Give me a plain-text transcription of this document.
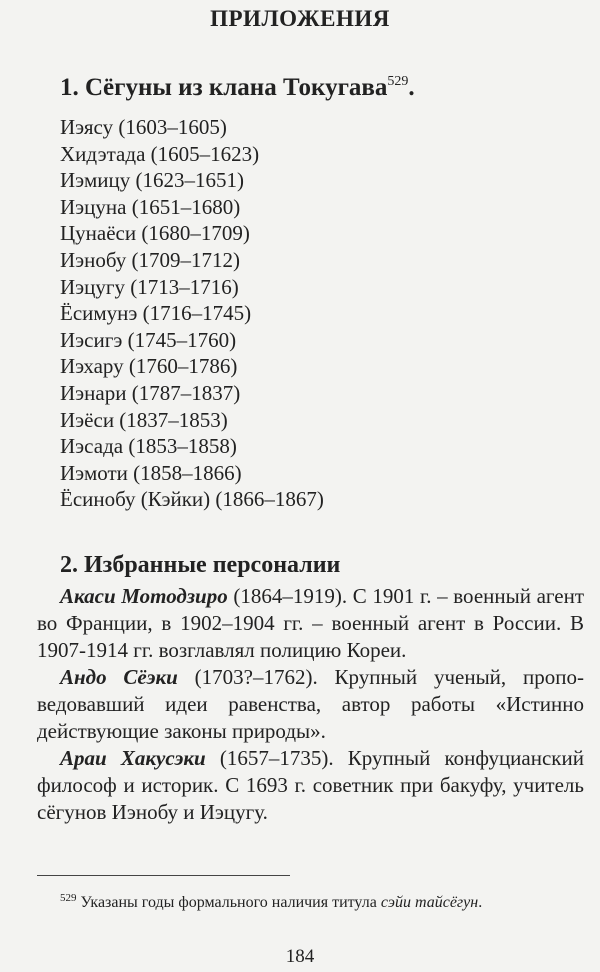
ПРИЛОЖЕНИЯ
1. Сёгуны из клана Токугава$^{529}$.
Иэясу (1603–1605)
Хидэтада (1605–1623)
Иэмицу (1623–1651)
Иэцуна (1651–1680)
Цунаёси (1680–1709)
Иэнобу (1709–1712)
Иэцугу (1713–1716)
Ёсимунэ (1716–1745)
Иэсигэ (1745–1760)
Иэхару (1760–1786)
Иэнари (1787–1837)
Иэёси (1837–1853)
Иэсада (1853–1858)
Иэмоти (1858–1866)
Ёсинобу (Кэйки) (1866–1867)
2. Избранные персоналии

Акаси Мотодзиро (1864–1919). С 1901 г. – военный агент во Франции, в 1902–1904 гг. – военный агент в России. В 1907-1914 гг. возглавлял полицию Кореи.

Андо Сёэки (1703?–1762). Крупный ученый, проповедовавший идеи равенства, автор работы «Истинно действующие законы природы».

Араи Хакусэки (1657–1735). Крупный конфуцианский философ и историк. С 1693 г. советник при бакуфу, учитель сёгунов Иэнобу и Иэцугу.

$^{529}$ Указаны годы формального наличия титула сэйи тайсёгун.
184
